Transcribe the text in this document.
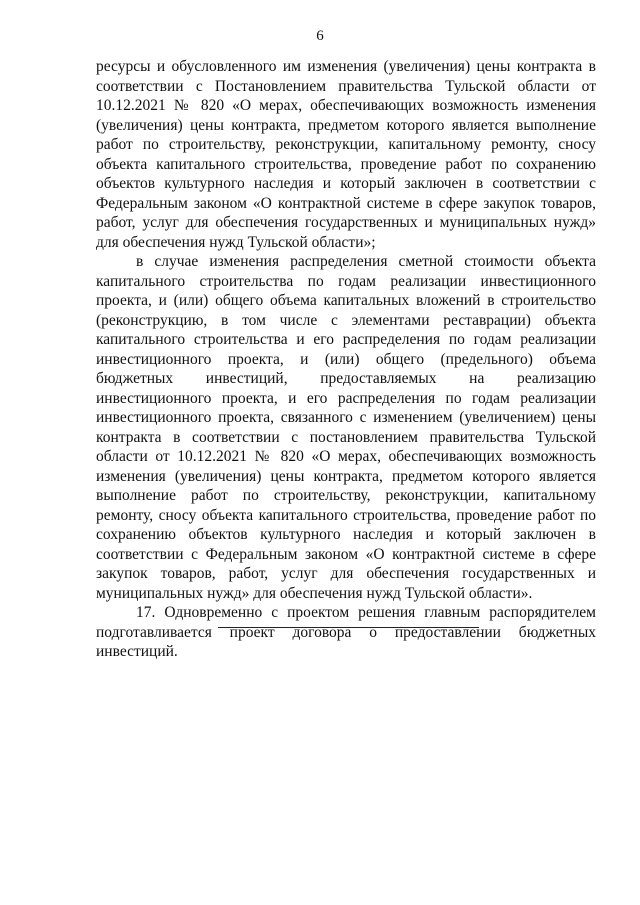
6

ресурсы и обусловленного им изменения (увеличения) цены контракта в соответствии с Постановлением правительства Тульской области от 10.12.2021 № 820 «О мерах, обеспечивающих возможность изменения (увеличения) цены контракта, предметом которого является выполнение работ по строительству, реконструкции, капитальному ремонту, сносу объекта капитального строительства, проведение работ по сохранению объектов культурного наследия и который заключен в соответствии с Федеральным законом «О контрактной системе в сфере закупок товаров, работ, услуг для обеспечения государственных и муниципальных нужд» для обеспечения нужд Тульской области»;

в случае изменения распределения сметной стоимости объекта капитального строительства по годам реализации инвестиционного проекта, и (или) общего объема капитальных вложений в строительство (реконструкцию, в том числе с элементами реставрации) объекта капитального строительства и его распределения по годам реализации инвестиционного проекта, и (или) общего (предельного) объема бюджетных инвестиций, предоставляемых на реализацию инвестиционного проекта, и его распределения по годам реализации инвестиционного проекта, связанного с изменением (увеличением) цены контракта в соответствии с постановлением правительства Тульской области от 10.12.2021 № 820 «О мерах, обеспечивающих возможность изменения (увеличения) цены контракта, предметом которого является выполнение работ по строительству, реконструкции, капитальному ремонту, сносу объекта капитального строительства, проведение работ по сохранению объектов культурного наследия и который заключен в соответствии с Федеральным законом «О контрактной системе в сфере закупок товаров, работ, услуг для обеспечения государственных и муниципальных нужд» для обеспечения нужд Тульской области».

17. Одновременно с проектом решения главным распорядителем подготавливается проект договора о предоставлении бюджетных инвестиций.
